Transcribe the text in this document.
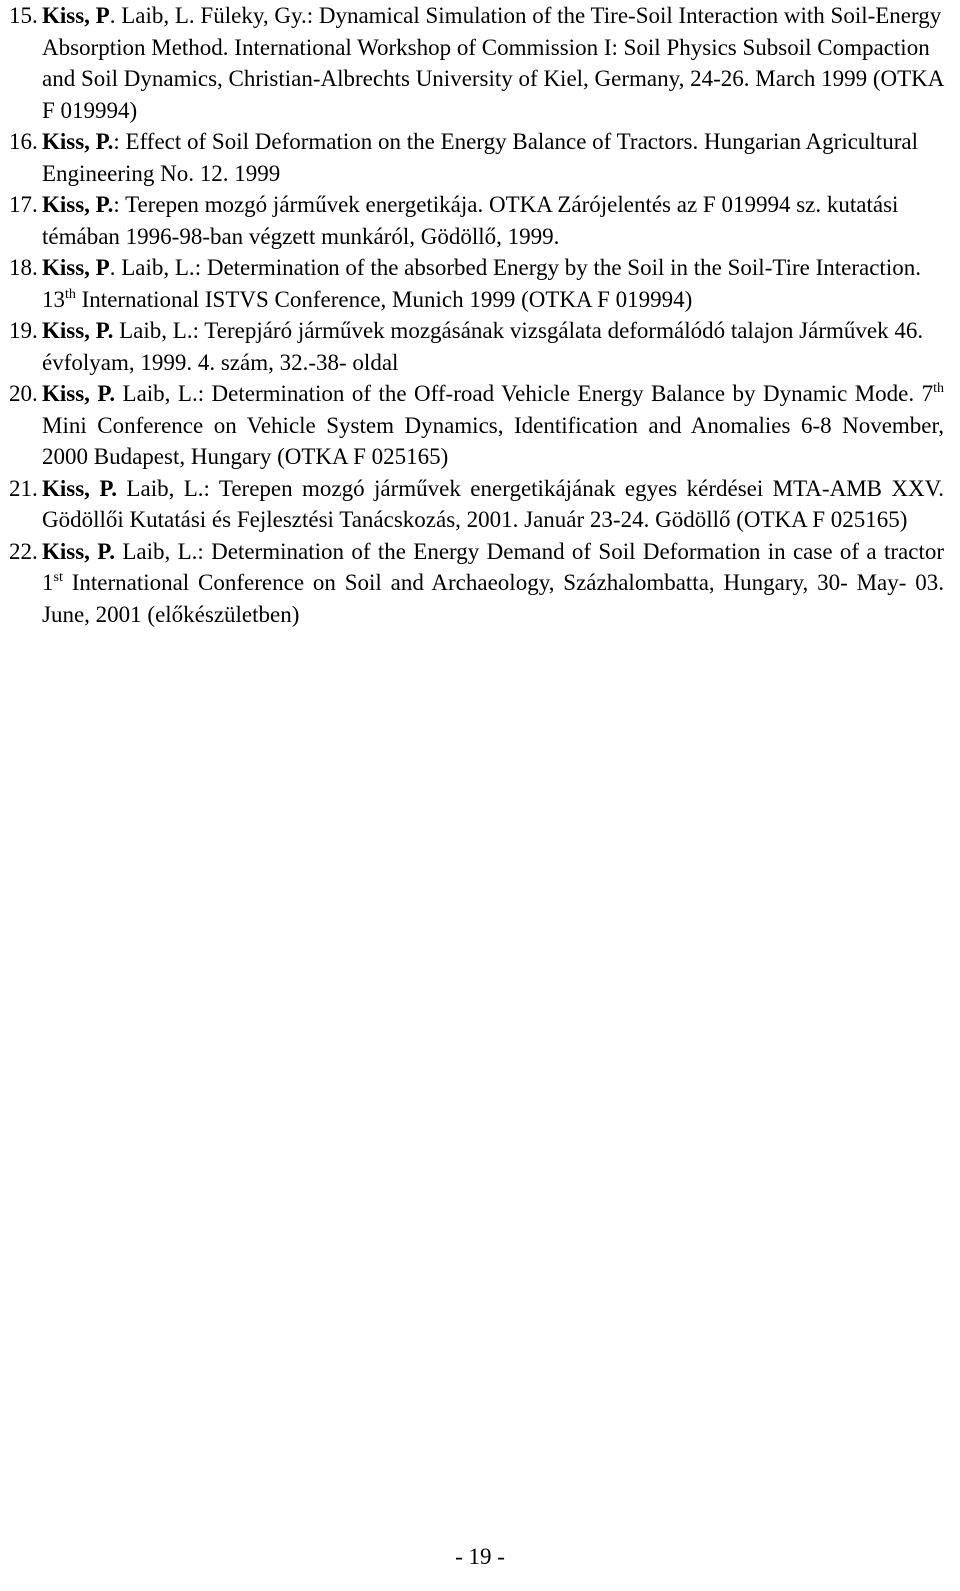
15. Kiss, P. Laib, L. Füleky, Gy.: Dynamical Simulation of the Tire-Soil Interaction with Soil-Energy Absorption Method. International Workshop of Commission I: Soil Physics Subsoil Compaction and Soil Dynamics, Christian-Albrechts University of Kiel, Germany, 24-26. March 1999 (OTKA F 019994)
16. Kiss, P.: Effect of Soil Deformation on the Energy Balance of Tractors. Hungarian Agricultural Engineering No. 12. 1999
17. Kiss, P.: Terepen mozgó járművek energetikája. OTKA Zárójelentés az F 019994 sz. kutatási témában 1996-98-ban végzett munkáról, Gödöllő, 1999.
18. Kiss, P. Laib, L.: Determination of the absorbed Energy by the Soil in the Soil-Tire Interaction. 13th International ISTVS Conference, Munich 1999 (OTKA F 019994)
19. Kiss, P. Laib, L.: Terepjáró járművek mozgásának vizsgálata deformálódó talajon Járművek 46. évfolyam, 1999. 4. szám, 32.-38- oldal
20. Kiss, P. Laib, L.: Determination of the Off-road Vehicle Energy Balance by Dynamic Mode. 7th Mini Conference on Vehicle System Dynamics, Identification and Anomalies 6-8 November, 2000 Budapest, Hungary (OTKA F 025165)
21. Kiss, P. Laib, L.: Terepen mozgó járművek energetikájának egyes kérdései MTA-AMB XXV. Gödöllői Kutatási és Fejlesztési Tanácskozás, 2001. Január 23-24. Gödöllő (OTKA F 025165)
22. Kiss, P. Laib, L.: Determination of the Energy Demand of Soil Deformation in case of a tractor 1st International Conference on Soil and Archaeology, Százhalombatta, Hungary, 30- May- 03. June, 2001 (előkészületben)
- 19 -
